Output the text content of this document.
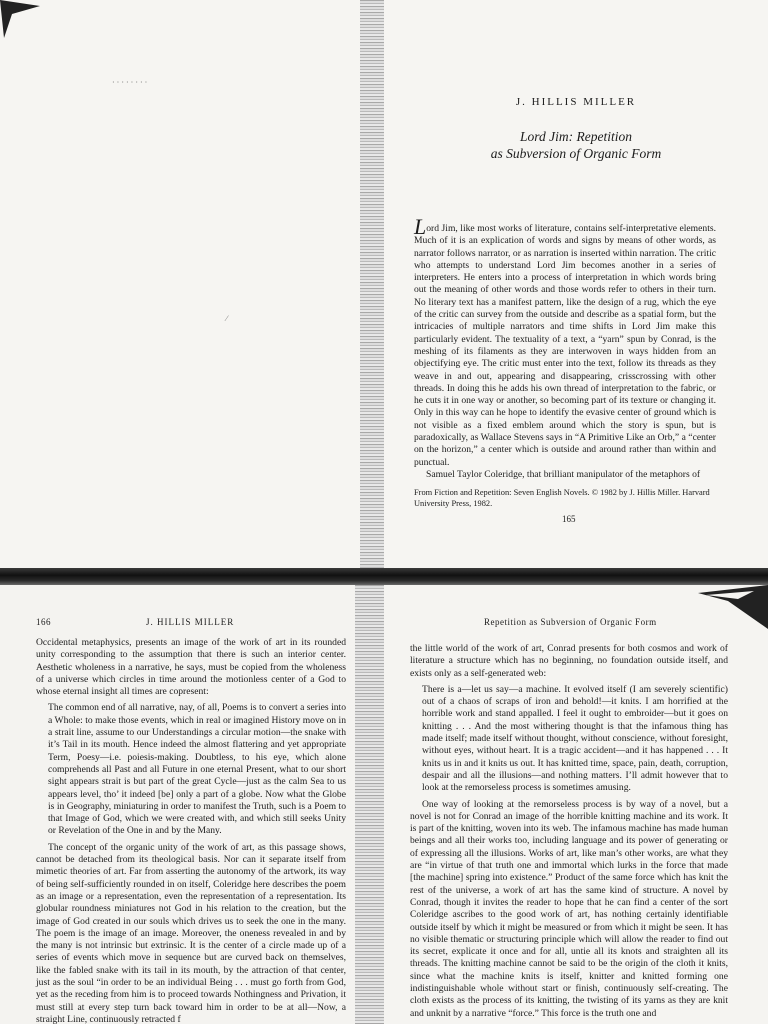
· · · · · · · ·
⁄
J. HILLIS MILLER
Lord Jim: Repetition
as Subversion of Organic Form

Lord Jim, like most works of literature, contains self-interpretative elements. Much of it is an explication of words and signs by means of other words, as narrator follows narrator, or as narration is inserted within narration. The critic who attempts to understand Lord Jim becomes another in a series of interpreters. He enters into a process of interpretation in which words bring out the meaning of other words and those words refer to others in their turn. No literary text has a manifest pattern, like the design of a rug, which the eye of the critic can survey from the outside and describe as a spatial form, but the intricacies of multiple narrators and time shifts in Lord Jim make this particularly evident. The textuality of a text, a “yarn” spun by Conrad, is the meshing of its filaments as they are interwoven in ways hidden from an objectifying eye. The critic must enter into the text, follow its threads as they weave in and out, appearing and disappearing, crisscrossing with other threads. In doing this he adds his own thread of interpretation to the fabric, or he cuts it in one way or another, so becoming part of its texture or changing it. Only in this way can he hope to identify the evasive center of ground which is not visible as a fixed emblem around which the story is spun, but is paradoxically, as Wallace Stevens says in “A Primitive Like an Orb,” a “center on the horizon,” a center which is outside and around rather than within and punctual.

Samuel Taylor Coleridge, that brilliant manipulator of the metaphors of

From Fiction and Repetition: Seven English Novels. © 1982 by J. Hillis Miller. Harvard University Press, 1982.
165
166	J. HILLIS MILLER

Occidental metaphysics, presents an image of the work of art in its rounded unity corresponding to the assumption that there is such an interior center. Aesthetic wholeness in a narrative, he says, must be copied from the wholeness of a universe which circles in time around the motionless center of a God to whose eternal insight all times are copresent:

The common end of all narrative, nay, of all, Poems is to convert a series into a Whole: to make those events, which in real or imagined History move on in a strait line, assume to our Understandings a circular motion—the snake with it’s Tail in its mouth. Hence indeed the almost flattering and yet appropriate Term, Poesy—i.e. poiesis-making. Doubtless, to his eye, which alone comprehends all Past and all Future in one eternal Present, what to our short sight appears strait is but part of the great Cycle—just as the calm Sea to us appears level, tho’ it indeed [be] only a part of a globe. Now what the Globe is in Geography, miniaturing in order to manifest the Truth, such is a Poem to that Image of God, which we were created with, and which still seeks Unity or Revelation of the One in and by the Many.

The concept of the organic unity of the work of art, as this passage shows, cannot be detached from its theological basis. Nor can it separate itself from mimetic theories of art. Far from asserting the autonomy of the artwork, its way of being self-sufficiently rounded in on itself, Coleridge here describes the poem as an image or a representation, even the representation of a representation. Its globular roundness miniatures not God in his relation to the creation, but the image of God created in our souls which drives us to seek the one in the many. The poem is the image of an image. Moreover, the oneness revealed in and by the many is not intrinsic but extrinsic. It is the center of a circle made up of a series of events which move in sequence but are curved back on themselves, like the fabled snake with its tail in its mouth, by the attraction of that center, just as the soul “in order to be an individual Being . . . must go forth from God, yet as the receding from him is to proceed towards Nothingness and Privation, it must still at every step turn back toward him in order to be at all—Now, a straight Line, continuously retracted f

Repetition as Subversion of Organic Form

the little world of the work of art, Conrad presents for both cosmos and work of literature a structure which has no beginning, no foundation outside itself, and exists only as a self-generated web:

There is a—let us say—a machine. It evolved itself (I am severely scientific) out of a chaos of scraps of iron and behold!—it knits. I am horrified at the horrible work and stand appalled. I feel it ought to embroider—but it goes on knitting . . . And the most withering thought is that the infamous thing has made itself; made itself without thought, without conscience, without foresight, without eyes, without heart. It is a tragic accident—and it has happened . . . It knits us in and it knits us out. It has knitted time, space, pain, death, corruption, despair and all the illusions—and nothing matters. I’ll admit however that to look at the remorseless process is sometimes amusing.

One way of looking at the remorseless process is by way of a novel, but a novel is not for Conrad an image of the horrible knitting machine and its work. It is part of the knitting, woven into its web. The infamous machine has made human beings and all their works too, including language and its power of generating or of expressing all the illusions. Works of art, like man’s other works, are what they are “in virtue of that truth one and immortal which lurks in the force that made [the machine] spring into existence.” Product of the same force which has knit the rest of the universe, a work of art has the same kind of structure. A novel by Conrad, though it invites the reader to hope that he can find a center of the sort Coleridge ascribes to the good work of art, has nothing certainly identifiable outside itself by which it might be measured or from which it might be seen. It has no visible thematic or structuring principle which will allow the reader to find out its secret, explicate it once and for all, untie all its knots and straighten all its threads. The knitting machine cannot be said to be the origin of the cloth it knits, since what the machine knits is itself, knitter and knitted forming one indistinguishable whole without start or finish, continuously self-creating. The cloth exists as the process of its knitting, the twisting of its yarns as they are knit and unknit by a narrative “force.” This force is the truth one and
